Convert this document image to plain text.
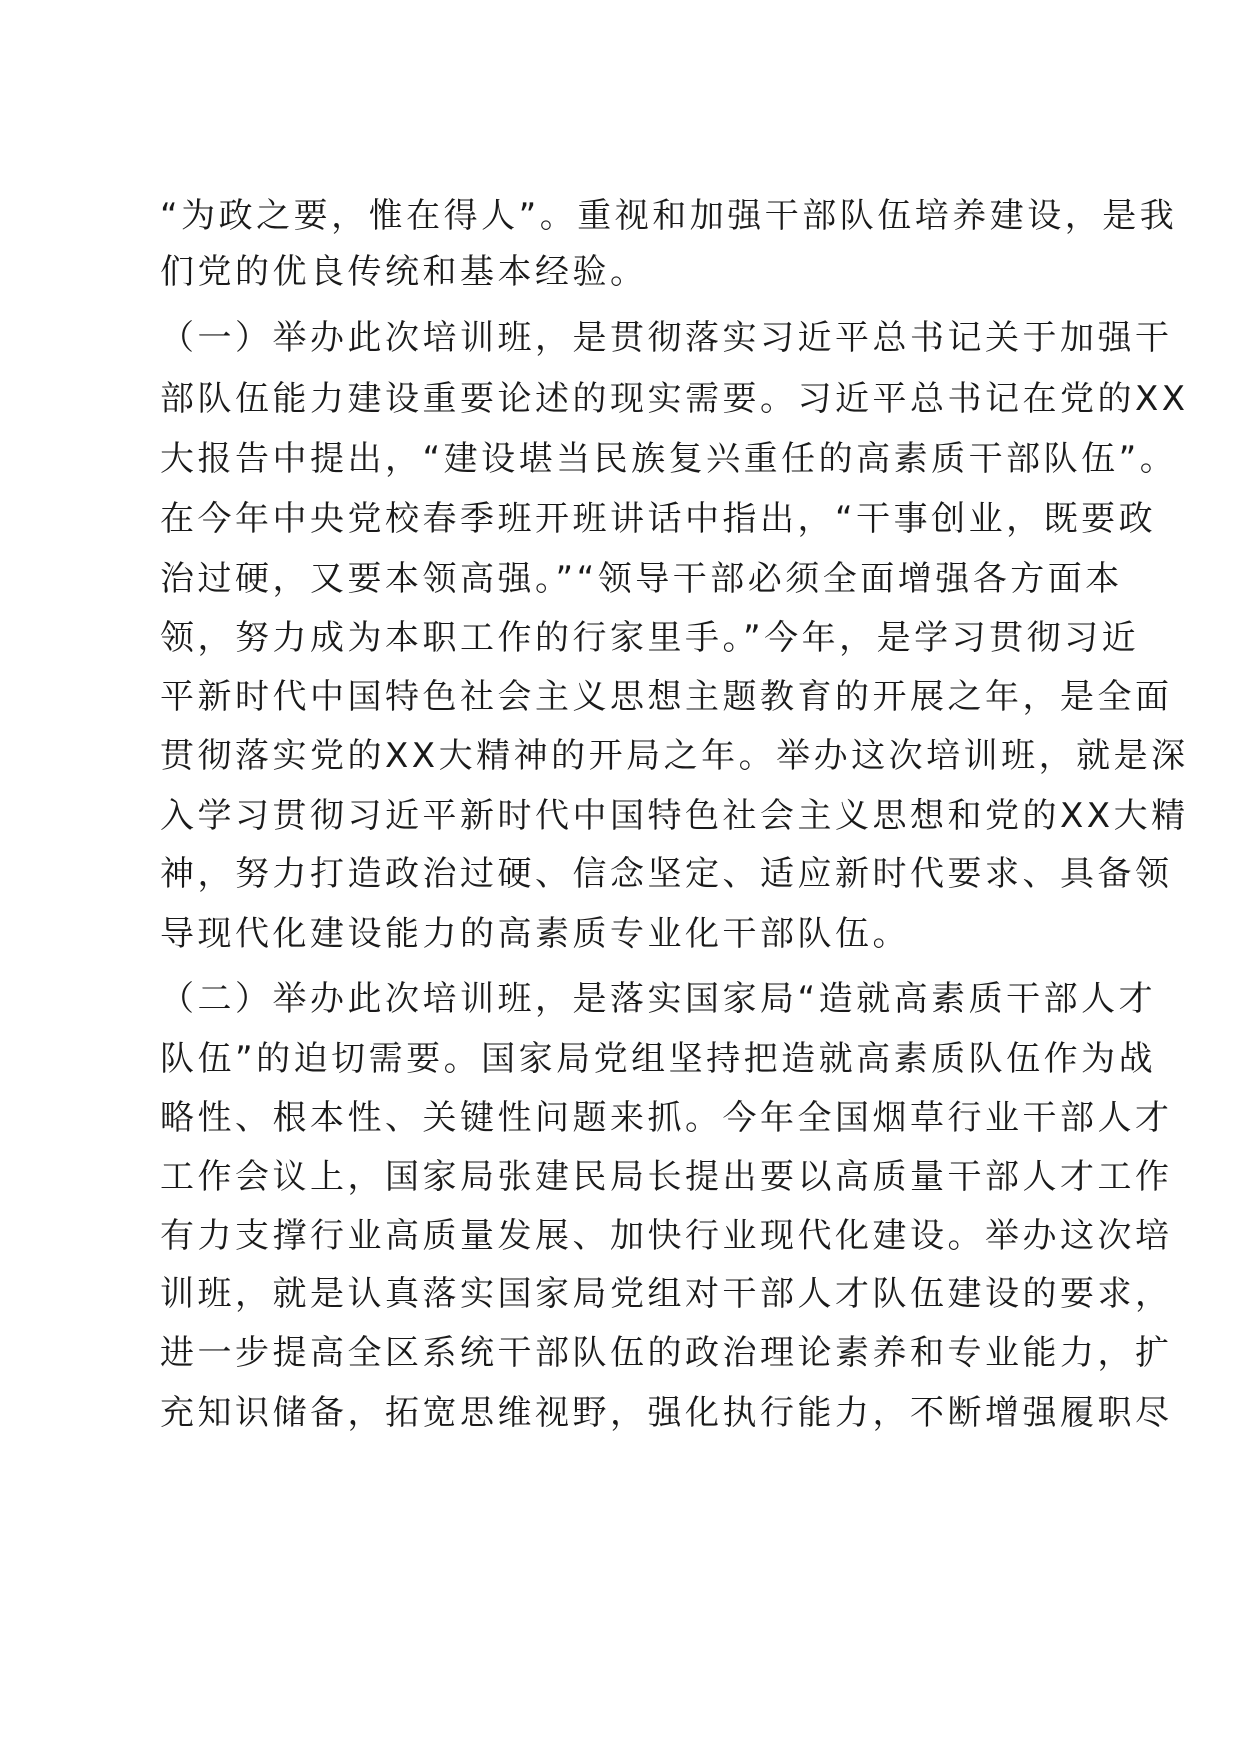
“为政之要，惟在得人”。重视和加强干部队伍培养建设，是我
们党的优良传统和基本经验。
（一）举办此次培训班，是贯彻落实习近平总书记关于加强干
部队伍能力建设重要论述的现实需要。习近平总书记在党的XX
大报告中提出，“建设堪当民族复兴重任的高素质干部队伍”。
在今年中央党校春季班开班讲话中指出，“干事创业，既要政
治过硬，又要本领高强。”“领导干部必须全面增强各方面本
领，努力成为本职工作的行家里手。”今年，是学习贯彻习近
平新时代中国特色社会主义思想主题教育的开展之年，是全面
贯彻落实党的XX大精神的开局之年。举办这次培训班，就是深
入学习贯彻习近平新时代中国特色社会主义思想和党的XX大精
神，努力打造政治过硬、信念坚定、适应新时代要求、具备领
导现代化建设能力的高素质专业化干部队伍。
（二）举办此次培训班，是落实国家局“造就高素质干部人才
队伍”的迫切需要。国家局党组坚持把造就高素质队伍作为战
略性、根本性、关键性问题来抓。今年全国烟草行业干部人才
工作会议上，国家局张建民局长提出要以高质量干部人才工作
有力支撑行业高质量发展、加快行业现代化建设。举办这次培
训班，就是认真落实国家局党组对干部人才队伍建设的要求，
进一步提高全区系统干部队伍的政治理论素养和专业能力，扩
充知识储备，拓宽思维视野，强化执行能力，不断增强履职尽
